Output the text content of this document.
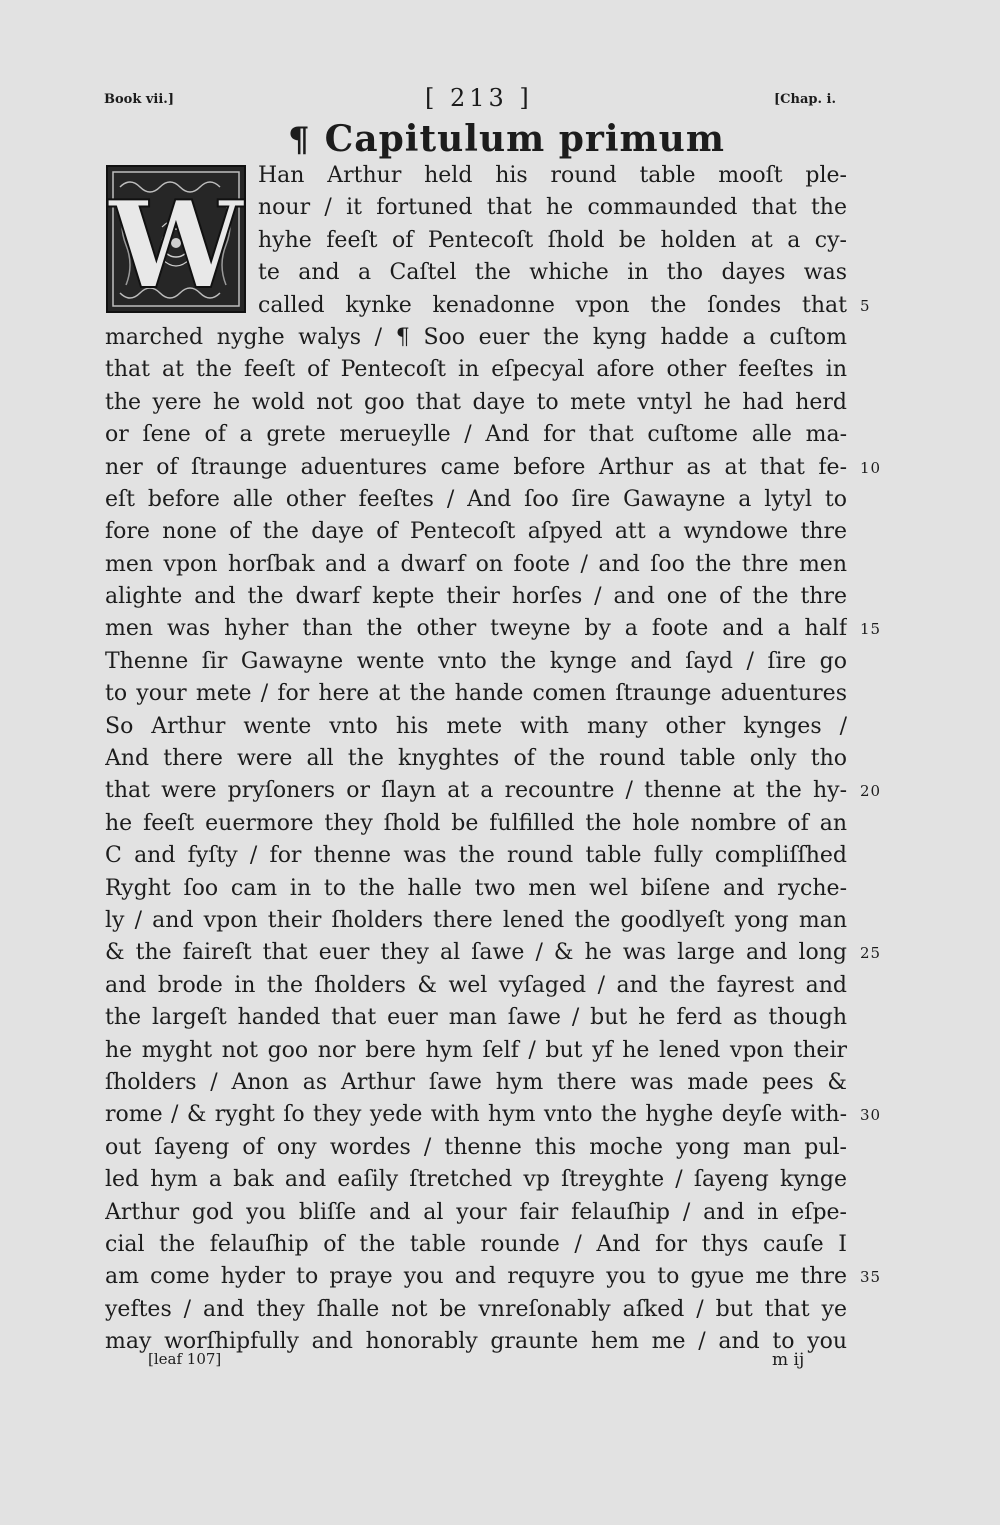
Book vii.]	[ 213 ]	[Chap. i.
¶ Capitulum primum
W Han Arthur held his round table mooſt ple-
nour / it fortuned that he commaunded that the
hyhe feeſt of Pentecoſt ſhold be holden at a cy-
te and a Caſtel the whiche in tho dayes was
called kynke kenadonne vpon the ſondes that 5
marched nyghe walys / ¶ Soo euer the kyng hadde a cuſtom
that at the feeſt of Pentecoſt in eſpecyal afore other feeſtes in
the yere he wold not goo that daye to mete vntyl he had herd
or ſene of a grete merueylle / And for that cuſtome alle ma-
ner of ſtraunge aduentures came before Arthur as at that fe- 10
eſt before alle other feeſtes / And ſoo ſire Gawayne a lytyl to
fore none of the daye of Pentecoſt aſpyed att a wyndowe thre
men vpon horſbak and a dwarf on foote / and ſoo the thre men
alighte and the dwarf kepte their horſes / and one of the thre
men was hyher than the other tweyne by a foote and a half 15
Thenne ſir Gawayne wente vnto the kynge and ſayd / ſire go
to your mete / for here at the hande comen ſtraunge aduentures
So Arthur wente vnto his mete with many other kynges /
And there were all the knyghtes of the round table only tho
that were pryſoners or ſlayn at a recountre / thenne at the hy- 20
he feeſt euermore they ſhold be fulfilled the hole nombre of an
C and fyſty / for thenne was the round table fully compliſſhed
Ryght ſoo cam in to the halle two men wel biſene and ryche-
ly / and vpon their ſholders there lened the goodlyeſt yong man
& the faireſt that euer they al ſawe / & he was large and long 25
and brode in the ſholders & wel vyſaged / and the fayrest and
the largeſt handed that euer man ſawe / but he ferd as though
he myght not goo nor bere hym ſelf / but yf he lened vpon their
ſholders / Anon as Arthur ſawe hym there was made pees &
rome / & ryght ſo they yede with hym vnto the hyghe deyſe with- 30
out ſayeng of ony wordes / thenne this moche yong man pul-
led hym a bak and eaſily ſtretched vp ſtreyghte / ſayeng kynge
Arthur god you bliſſe and al your fair felauſhip / and in eſpe-
cial the felauſhip of the table rounde / And for thys cauſe I
am come hyder to praye you and requyre you to gyue me thre 35
yeftes / and they ſhalle not be vnreſonably aſked / but that ye
may worſhipfully and honorably graunte hem me / and to you
[leaf 107]	m ij
